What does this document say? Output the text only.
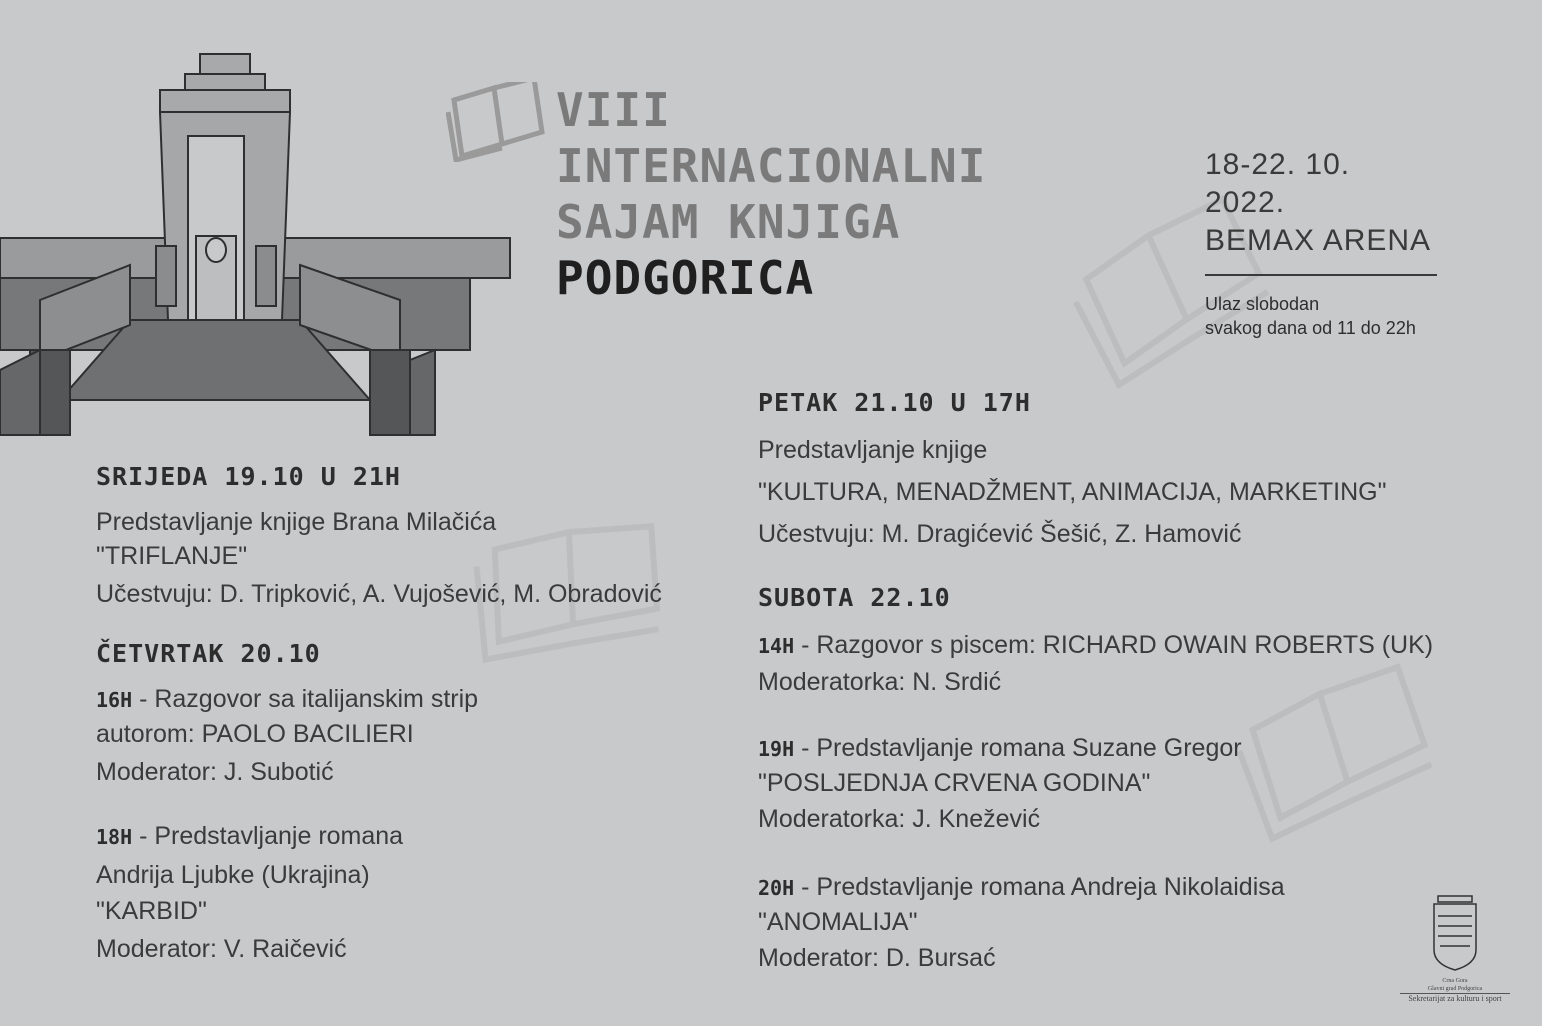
VIII
INTERNACIONALNI
SAJAM KNJIGA
PODGORICA
18-22. 10. 2022.
BEMAX ARENA
Ulaz slobodan
svakog dana od 11 do 22h
SRIJEDA 19.10 U 21H
Predstavljanje knjige Brana Milačića
"TRIFLANJE"
Učestvuju: D. Tripković, A. Vujošević, M. Obradović
ČETVRTAK 20.10
16H - Razgovor sa italijanskim strip
autorom: PAOLO BACILIERI
Moderator: J. Subotić
18H - Predstavljanje romana
Andrija Ljubke (Ukrajina)
"KARBID"
Moderator: V. Raičević
PETAK 21.10 U 17H
Predstavljanje knjige
"KULTURA, MENADŽMENT, ANIMACIJA, MARKETING"
Učestvuju: M. Dragićević Šešić, Z. Hamović
SUBOTA 22.10
14H - Razgovor s piscem: RICHARD OWAIN ROBERTS (UK)
Moderatorka: N. Srdić
19H - Predstavljanje romana Suzane Gregor
"POSLJEDNJA CRVENA GODINA"
Moderatorka: J. Knežević
20H - Predstavljanje romana Andreja Nikolaidisa
"ANOMALIJA"
Moderator: D. Bursać
Crna Gora
Glavni grad Podgorica
Sekretarijat za kulturu i sport
